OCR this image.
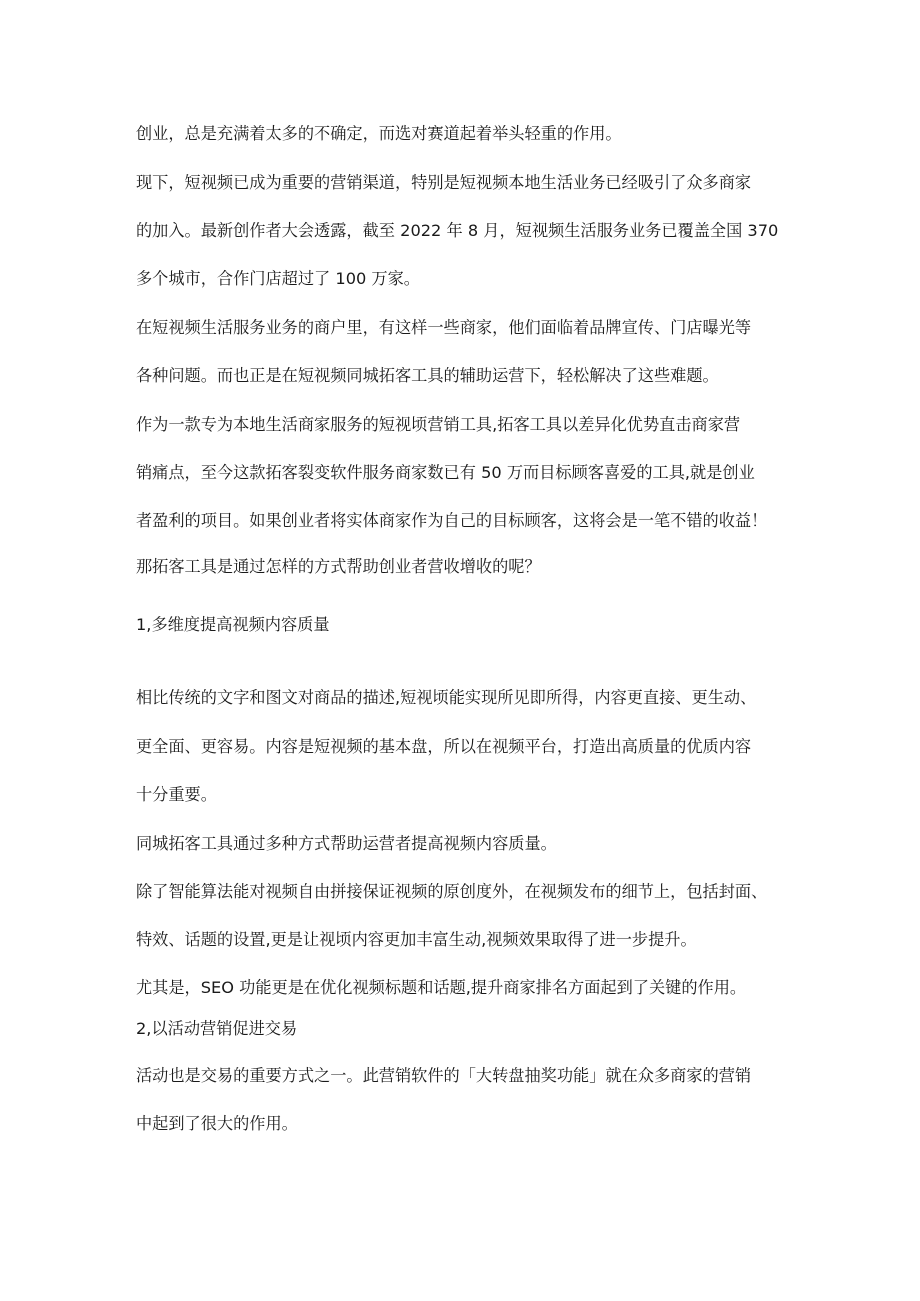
创业，总是充满着太多的不确定，而选对赛道起着举头轻重的作用。
现下，短视频已成为重要的营销渠道，特别是短视频本地生活业务已经吸引了众多商家
的加入。最新创作者大会透露，截至 2022 年 8 月，短视频生活服务业务已覆盖全国 370
多个城市，合作门店超过了 100 万家。
在短视频生活服务业务的商户里，有这样一些商家，他们面临着品牌宣传、门店曝光等
各种问题。而也正是在短视频同城拓客工具的辅助运营下，轻松解决了这些难题。
作为一款专为本地生活商家服务的短视顷营销工具,拓客工具以差异化优势直击商家营
销痛点，至今这款拓客裂变软件服务商家数已有 50 万而目标顾客喜爱的工具,就是创业
者盈利的项目。如果创业者将实体商家作为自己的目标顾客，这将会是一笔不错的收益！
那拓客工具是通过怎样的方式帮助创业者营收增收的呢？
1,多维度提高视频内容质量
相比传统的文字和图文对商品的描述,短视顷能实现所见即所得，内容更直接、更生动、
更全面、更容易。内容是短视频的基本盘，所以在视频平台，打造出高质量的优质内容
十分重要。
同城拓客工具通过多种方式帮助运营者提高视频内容质量。
除了智能算法能对视频自由拼接保证视频的原创度外，在视频发布的细节上，包括封面、
特效、话题的设置,更是让视顷内容更加丰富生动,视频效果取得了进一步提升。
尤其是，SEO 功能更是在优化视频标题和话题,提升商家排名方面起到了关键的作用。
2,以活动营销促进交易
活动也是交易的重要方式之一。此营销软件的「大转盘抽奖功能」就在众多商家的营销
中起到了很大的作用。
